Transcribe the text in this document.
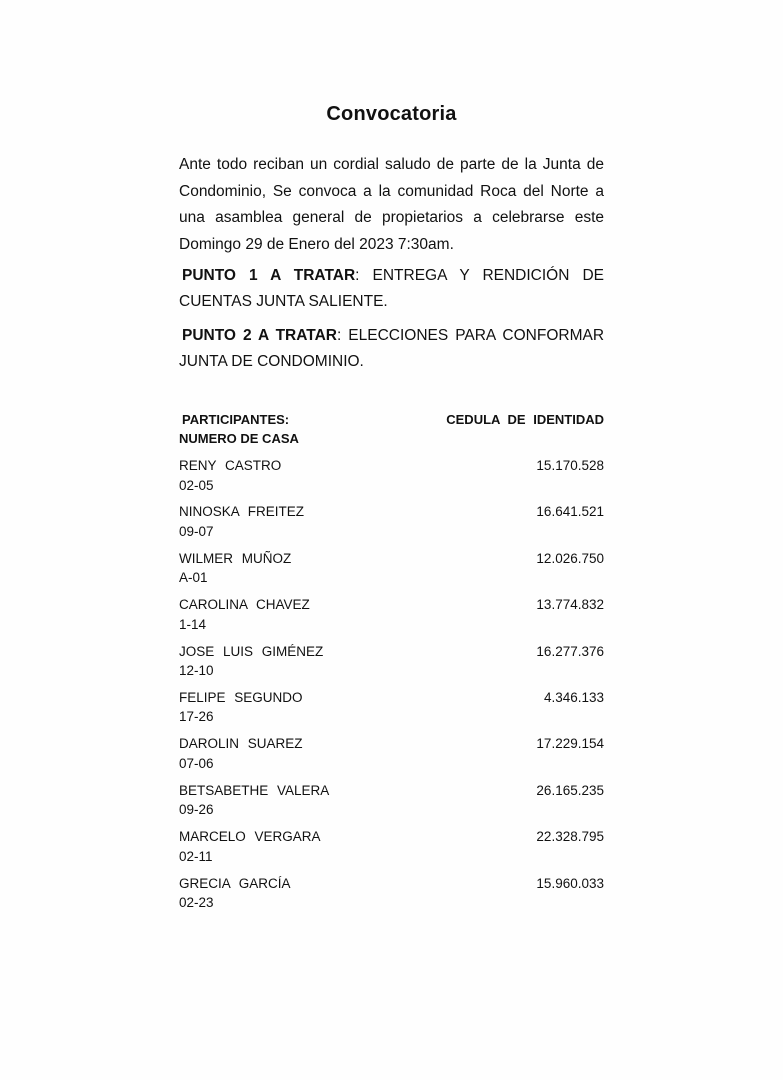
Convocatoria
Ante todo reciban un cordial saludo de parte de la Junta de Condominio, Se convoca a la comunidad Roca del Norte a una asamblea general de propietarios a celebrarse este Domingo 29 de Enero del 2023 7:30am.
PUNTO 1 A TRATAR: ENTREGA Y RENDICIÓN DE CUENTAS JUNTA SALIENTE.
PUNTO 2 A TRATAR: ELECCIONES PARA CONFORMAR JUNTA DE CONDOMINIO.
PARTICIPANTES:
NUMERO DE CASA
CEDULA DE IDENTIDAD
RENY CASTRO
02-05
15.170.528
NINOSKA FREITEZ
09-07
16.641.521
WILMER MUÑOZ
A-01
12.026.750
CAROLINA CHAVEZ
1-14
13.774.832
JOSE LUIS GIMÉNEZ
12-10
16.277.376
FELIPE SEGUNDO
17-26
4.346.133
DAROLIN SUAREZ
07-06
17.229.154
BETSABETHE VALERA
09-26
26.165.235
MARCELO VERGARA
02-11
22.328.795
GRECIA GARCÍA
02-23
15.960.033
